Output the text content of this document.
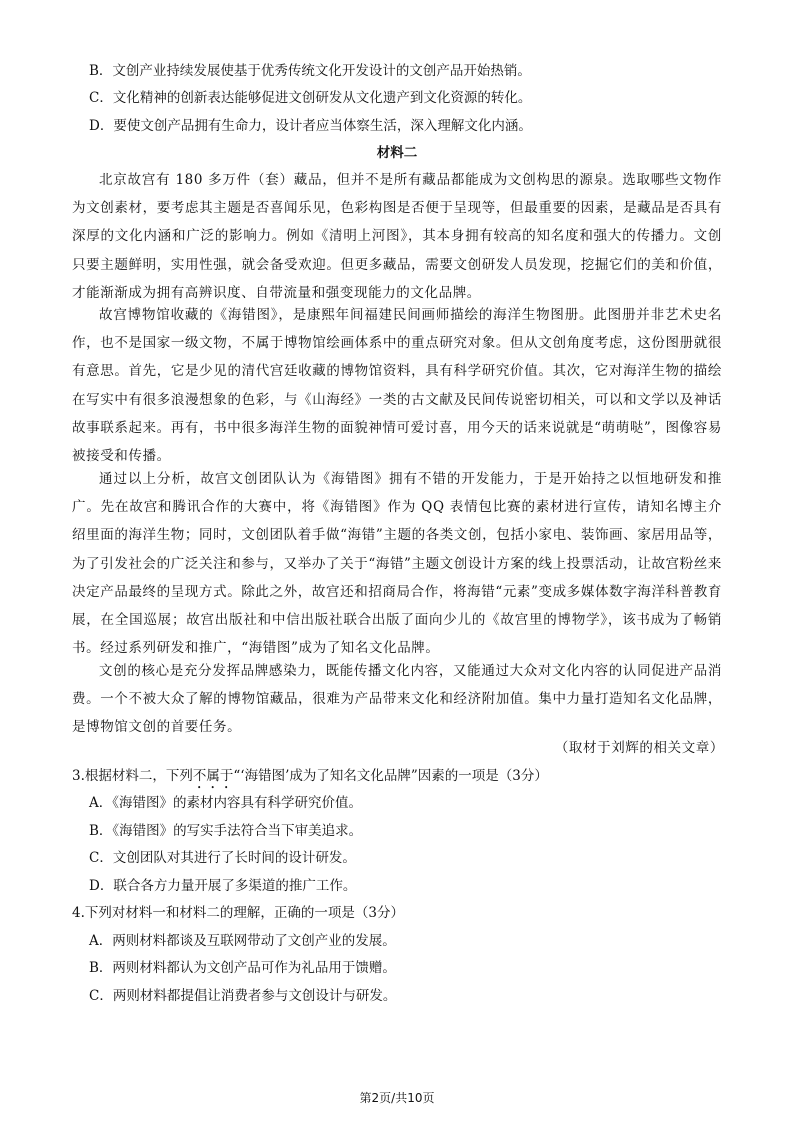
B．文创产业持续发展使基于优秀传统文化开发设计的文创产品开始热销。
C．文化精神的创新表达能够促进文创研发从文化遗产到文化资源的转化。
D．要使文创产品拥有生命力，设计者应当体察生活，深入理解文化内涵。
材料二
北京故宫有 180 多万件（套）藏品，但并不是所有藏品都能成为文创构思的源泉。选取哪些文物作为文创素材，要考虑其主题是否喜闻乐见，色彩构图是否便于呈现等，但最重要的因素，是藏品是否具有深厚的文化内涵和广泛的影响力。例如《清明上河图》，其本身拥有较高的知名度和强大的传播力。文创只要主题鲜明，实用性强，就会备受欢迎。但更多藏品，需要文创研发人员发现，挖掘它们的美和价值，才能渐渐成为拥有高辨识度、自带流量和强变现能力的文化品牌。
故宫博物馆收藏的《海错图》，是康熙年间福建民间画师描绘的海洋生物图册。此图册并非艺术史名作，也不是国家一级文物，不属于博物馆绘画体系中的重点研究对象。但从文创角度考虑，这份图册就很有意思。首先，它是少见的清代宫廷收藏的博物馆资料，具有科学研究价值。其次，它对海洋生物的描绘在写实中有很多浪漫想象的色彩，与《山海经》一类的古文献及民间传说密切相关，可以和文学以及神话故事联系起来。再有，书中很多海洋生物的面貌神情可爱讨喜，用今天的话来说就是“萌萌哒”，图像容易被接受和传播。
通过以上分析，故宫文创团队认为《海错图》拥有不错的开发能力，于是开始持之以恒地研发和推广。先在故宫和腾讯合作的大赛中，将《海错图》作为 QQ 表情包比赛的素材进行宣传，请知名博主介绍里面的海洋生物；同时，文创团队着手做“海错”主题的各类文创，包括小家电、装饰画、家居用品等，为了引发社会的广泛关注和参与，又举办了关于“海错”主题文创设计方案的线上投票活动，让故宫粉丝来决定产品最终的呈现方式。除此之外，故宫还和招商局合作，将海错“元素”变成多媒体数字海洋科普教育展，在全国巡展；故宫出版社和中信出版社联合出版了面向少儿的《故宫里的博物学》，该书成为了畅销书。经过系列研发和推广，“海错图”成为了知名文化品牌。
文创的核心是充分发挥品牌感染力，既能传播文化内容，又能通过大众对文化内容的认同促进产品消费。一个不被大众了解的博物馆藏品，很难为产品带来文化和经济附加值。集中力量打造知名文化品牌，是博物馆文创的首要任务。
（取材于刘辉的相关文章）
3.根据材料二，下列不属于“‘海错图’成为了知名文化品牌”因素的一项是（3分）
A．《海错图》的素材内容具有科学研究价值。
B．《海错图》的写实手法符合当下审美追求。
C．文创团队对其进行了长时间的设计研发。
D．联合各方力量开展了多渠道的推广工作。
4.下列对材料一和材料二的理解，正确的一项是（3分）
A．两则材料都谈及互联网带动了文创产业的发展。
B．两则材料都认为文创产品可作为礼品用于馈赠。
C．两则材料都提倡让消费者参与文创设计与研发。
第2页/共10页
